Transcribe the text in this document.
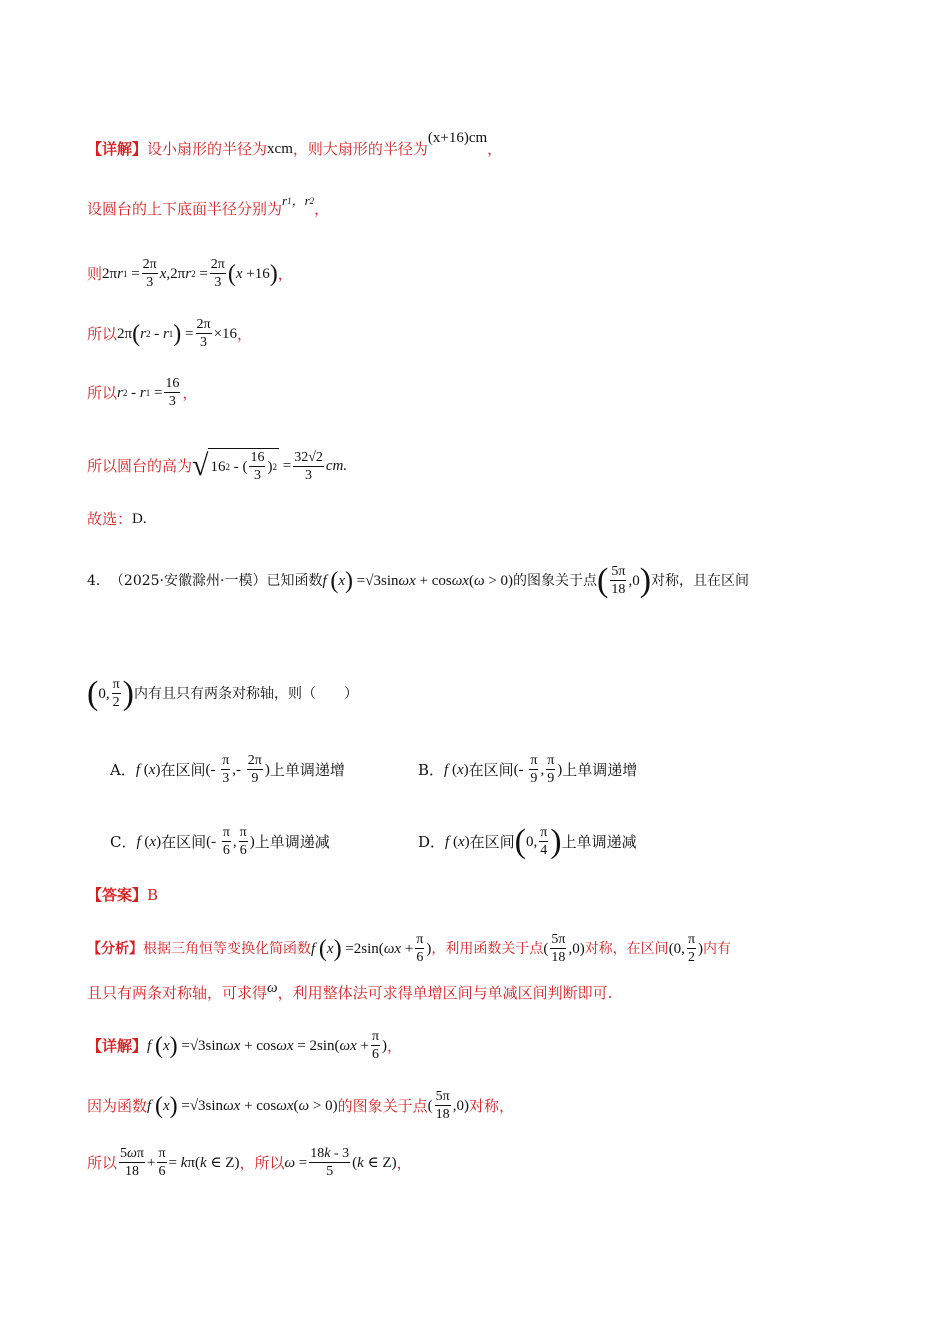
【详解】 设小扇形的半径为 xcm ，则大扇形的半径为
(x+16)cm
，
设圆台的上下底面半径分别为 r 1 ， r 2 ，
则 2π r $1 = \frac{2\pi}{3}$ x ,2π r $2 = \frac{2\pi}{3}$ ( x +16 ) ，
所以 2π ( r 2 - r 1 ) = $\frac{2\pi}{3} \times 16$ ，
所以 r 2 - r $1 = \frac{16}{3}$ ，
所以圆台的高为 √ 16 2 - ( $\frac{16}{3}$ ) $2 = \frac{32√2}{3}$ cm.
故选： D.
4． （2025·安徽滁州·一模）已知函数 f
( x ) =√3sin ωx + cos ωx ( ω > 0) 的图象关于点 ( $\frac{5\pi}{18} ,0$ ) 对称，且在区间
( 0, $\frac{\pi}{2}$ ) 内有且只有两条对称轴，则（　　）
A． f ( x ) 在区间 (- $\frac{\pi}{3}$ ,- $\frac{2\pi}{9}$ ) 上单调递增	B． f ( x ) 在区间 (- $\frac{\pi}{9}$ , $\frac{\pi}{9}$ ) 上单调递增
C． f ( x ) 在区间 (- $\frac{\pi}{6}$ , $\frac{\pi}{6}$ ) 上单调递减	D． f ( x ) 在区间 ( 0, $\frac{\pi}{4}$ ) 上单调递减
【答案】 B
【分析】 根据三角恒等变换化简函数 f
( x ) =2sin( $\omega x + \frac{\pi}{6}$ ) ，利用函数关于点 ( $\frac{5\pi}{18} ,0$) 对称，在区间 (0, $\frac{\pi}{2}$ ) 内有
且只有两条对称轴，可求得 ω ，利用整体法可求得单增区间与单减区间判断即可.
【详解】 f
( x ) =√3sin ωx + cos ωx = 2sin( $\omega x + \frac{\pi}{6}$ ) ，
因为函数 f
( x ) =√3sin ωx + cos ωx ( ω > 0) 的图象关于点 ( $\frac{5\pi}{18} ,0$) 对称，
所以 $\frac{5\omega\pi}{18} + \frac{\pi}{6} = k$ π( k ∈ Z) ，所以 $\omega = \frac{18k - 3}{5}$ ( k ∈ Z) ，
